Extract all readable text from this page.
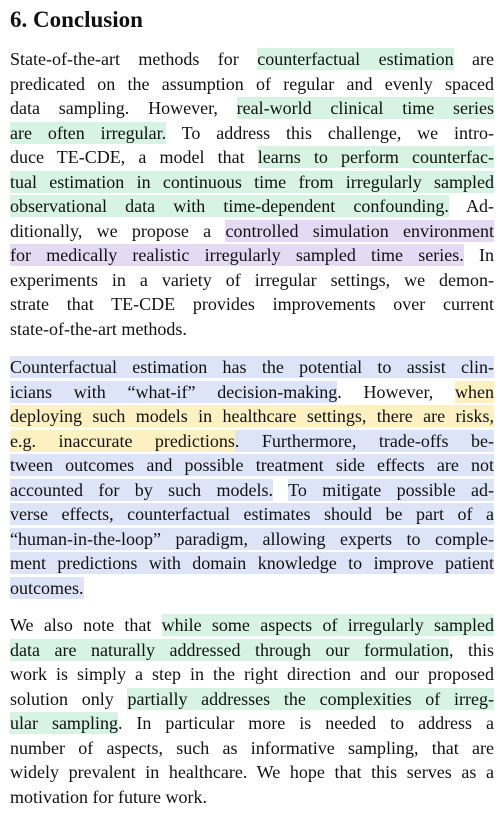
6. Conclusion
State-of-the-art methods for counterfactual estimation are
predicated on the assumption of regular and evenly spaced
data sampling. However, real-world clinical time series
are often irregular. To address this challenge, we intro-
duce TE-CDE, a model that learns to perform counterfac-
tual estimation in continuous time from irregularly sampled
observational data with time-dependent confounding. Ad-
ditionally, we propose a controlled simulation environment
for medically realistic irregularly sampled time series. In
experiments in a variety of irregular settings, we demon-
strate that TE-CDE provides improvements over current
state-of-the-art methods.
Counterfactual estimation has the potential to assist clin-
icians with “what-if” decision-making. However, when
deploying such models in healthcare settings, there are risks,
e.g. inaccurate predictions. Furthermore, trade-offs be-
tween outcomes and possible treatment side effects are not
accounted for by such models. To mitigate possible ad-
verse effects, counterfactual estimates should be part of a
“human-in-the-loop” paradigm, allowing experts to comple-
ment predictions with domain knowledge to improve patient
outcomes.
We also note that while some aspects of irregularly sampled
data are naturally addressed through our formulation, this
work is simply a step in the right direction and our proposed
solution only partially addresses the complexities of irreg-
ular sampling. In particular more is needed to address a
number of aspects, such as informative sampling, that are
widely prevalent in healthcare. We hope that this serves as a
motivation for future work.
